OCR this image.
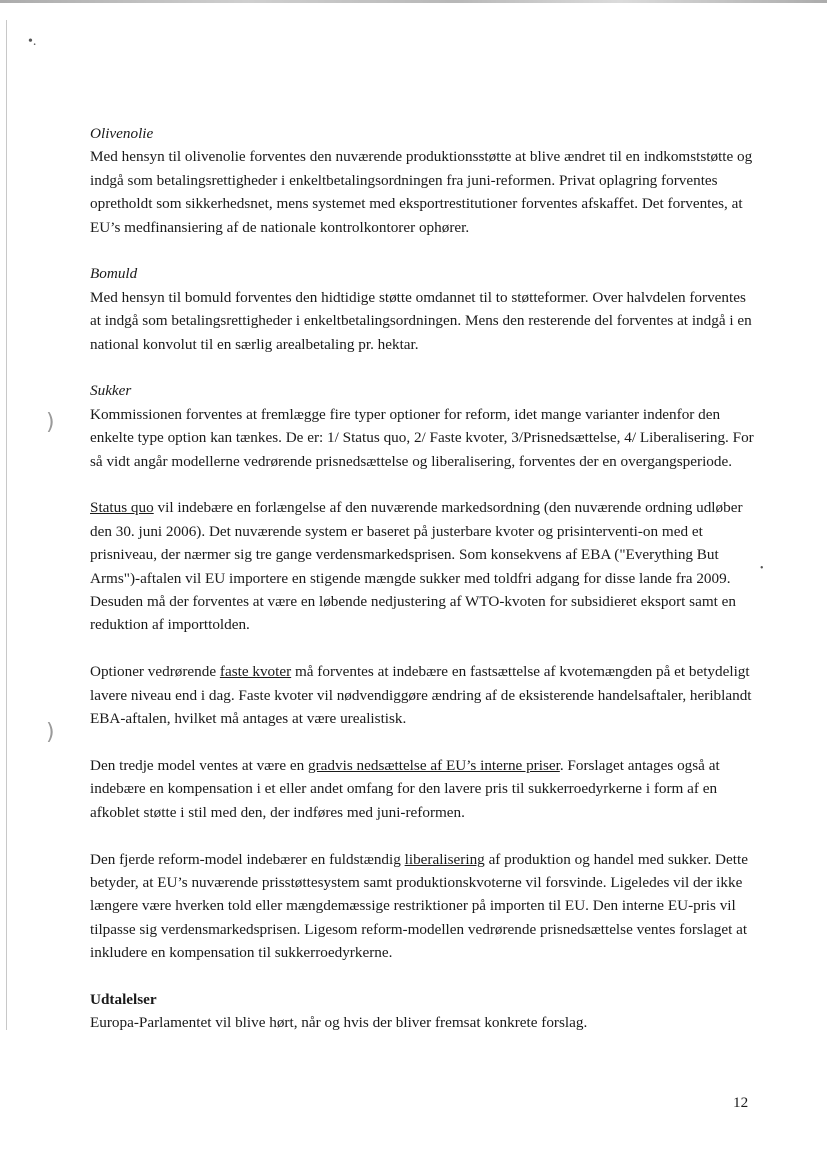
•.
)
)
•

Olivenolie

Med hensyn til olivenolie forventes den nuværende produktionsstøtte at blive ændret til en indkomststøtte og indgå som betalingsrettigheder i enkeltbetalingsordningen fra juni-reformen. Privat oplagring forventes opretholdt som sikkerhedsnet, mens systemet med eksportrestitutioner forventes afskaffet. Det forventes, at EU’s medfinansiering af de nationale kontrolkontorer ophører.

Bomuld

Med hensyn til bomuld forventes den hidtidige støtte omdannet til to støtteformer. Over halvdelen forventes at indgå som betalingsrettigheder i enkeltbetalingsordningen. Mens den resterende del forventes at indgå i en national konvolut til en særlig arealbetaling pr. hektar.

Sukker

Kommissionen forventes at fremlægge fire typer optioner for reform, idet mange varianter indenfor den enkelte type option kan tænkes. De er: 1/ Status quo, 2/ Faste kvoter, 3/Prisnedsættelse, 4/ Liberalisering. For så vidt angår modellerne vedrørende prisnedsættelse og liberalisering, forventes der en overgangsperiode.

Status quo vil indebære en forlængelse af den nuværende markedsordning (den nuværende ordning udløber den 30. juni 2006). Det nuværende system er baseret på justerbare kvoter og prisinterventi-on med et prisniveau, der nærmer sig tre gange verdensmarkedsprisen. Som konsekvens af EBA ("Everything But Arms")-aftalen vil EU importere en stigende mængde sukker med toldfri adgang for disse lande fra 2009. Desuden må der forventes at være en løbende nedjustering af WTO-kvoten for subsidieret eksport samt en reduktion af importtolden.

Optioner vedrørende faste kvoter må forventes at indebære en fastsættelse af kvotemængden på et betydeligt lavere niveau end i dag. Faste kvoter vil nødvendiggøre ændring af de eksisterende handelsaftaler, heriblandt EBA-aftalen, hvilket må antages at være urealistisk.

Den tredje model ventes at være en gradvis nedsættelse af EU’s interne priser. Forslaget antages også at indebære en kompensation i et eller andet omfang for den lavere pris til sukkerroedyrkerne i form af en afkoblet støtte i stil med den, der indføres med juni-reformen.

Den fjerde reform-model indebærer en fuldstændig liberalisering af produktion og handel med sukker. Dette betyder, at EU’s nuværende prisstøttesystem samt produktionskvoterne vil forsvinde. Ligeledes vil der ikke længere være hverken told eller mængdemæssige restriktioner på importen til EU. Den interne EU-pris vil tilpasse sig verdensmarkedsprisen. Ligesom reform-modellen vedrørende prisnedsættelse ventes forslaget at inkludere en kompensation til sukkerroedyrkerne.

Udtalelser

Europa-Parlamentet vil blive hørt, når og hvis der bliver fremsat konkrete forslag.

12
